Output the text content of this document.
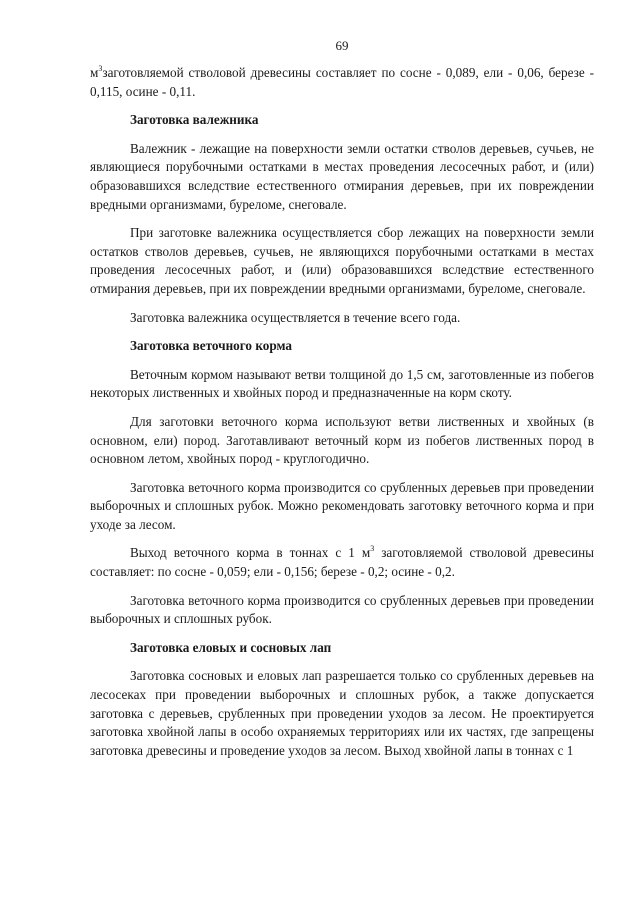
69

$м^3заготовляемой$ стволовой древесины составляет по сосне - 0,089, ели - 0,06, березе - 0,115, осине - 0,11.

Заготовка валежника

Валежник - лежащие на поверхности земли остатки стволов деревьев, сучьев, не являющиеся порубочными остатками в местах проведения лесосечных работ, и (или) образовавшихся вследствие естественного отмирания деревьев, при их повреждении вредными организмами, буреломе, снеговале.

При заготовке валежника осуществляется сбор лежащих на поверхности земли остатков стволов деревьев, сучьев, не являющихся порубочными остатками в местах проведения лесосечных работ, и (или) образовавшихся вследствие естественного отмирания деревьев, при их повреждении вредными организмами, буреломе, снеговале.

Заготовка валежника осуществляется в течение всего года.

Заготовка веточного корма

Веточным кормом называют ветви толщиной до 1,5 см, заготовленные из побегов некоторых лиственных и хвойных пород и предназначенные на корм скоту.

Для заготовки веточного корма используют ветви лиственных и хвойных (в основном, ели) пород. Заготавливают веточный корм из побегов лиственных пород в основном летом, хвойных пород - круглогодично.

Заготовка веточного корма производится со срубленных деревьев при проведении выборочных и сплошных рубок. Можно рекомендовать заготовку веточного корма и при уходе за лесом.

Выход веточного корма в тоннах с 1 $м^3$ заготовляемой стволовой древесины составляет: по сосне - 0,059; ели - 0,156; березе - 0,2; осине - 0,2.

Заготовка веточного корма производится со срубленных деревьев при проведении выборочных и сплошных рубок.

Заготовка еловых и сосновых лап

Заготовка сосновых и еловых лап разрешается только со срубленных деревьев на лесосеках при проведении выборочных и сплошных рубок, а также допускается заготовка с деревьев, срубленных при проведении уходов за лесом. Не проектируется заготовка хвойной лапы в особо охраняемых территориях или их частях, где запрещены заготовка древесины и проведение уходов за лесом. Выход хвойной лапы в тоннах с 1
